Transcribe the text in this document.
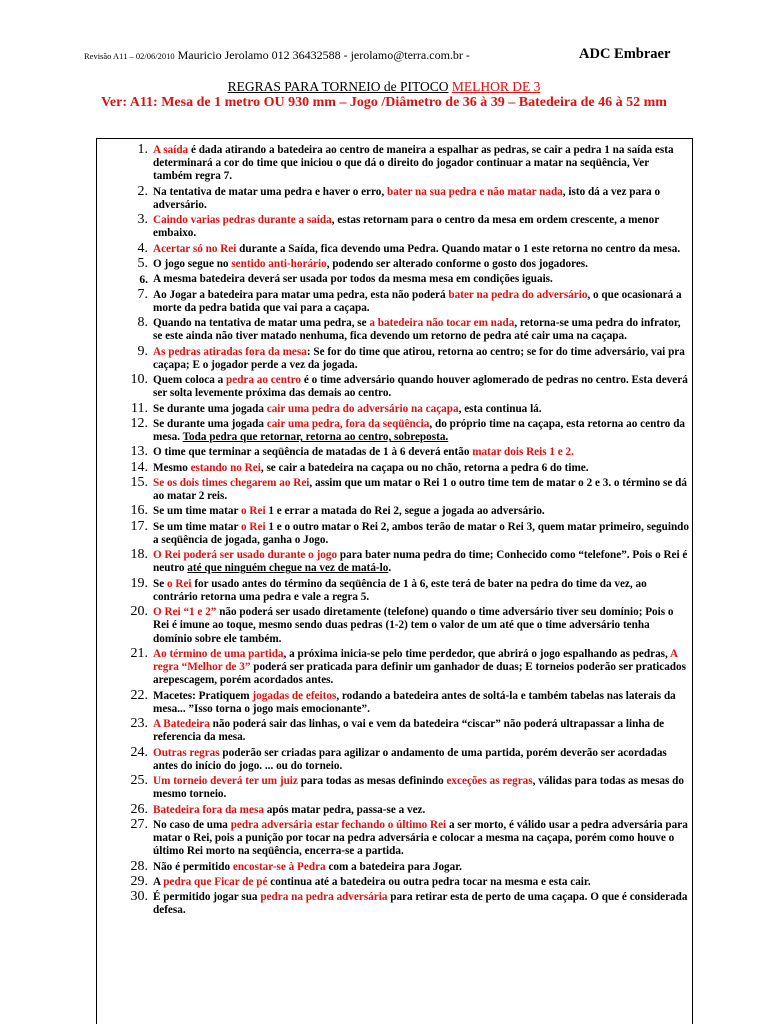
Revisão A11 – 02/06/2010 Mauricio Jerolamo 012 36432588 - jerolamo@terra.com.br -	ADC Embraer
REGRAS PARA TORNEIO de PITOCO MELHOR DE 3
Ver: A11: Mesa de 1 metro OU 930 mm – Jogo /Diâmetro de 36 à 39 – Batedeira de 46 à 52 mm
1. A saída é dada atirando a batedeira ao centro de maneira a espalhar as pedras, se cair a pedra 1 na saída esta determinará a cor do time que iniciou o que dá o direito do jogador continuar a matar na seqüência, Ver também regra 7.
2. Na tentativa de matar uma pedra e haver o erro, bater na sua pedra e não matar nada, isto dá a vez para o adversário.
3. Caindo varias pedras durante a saída, estas retornam para o centro da mesa em ordem crescente, a menor embaixo.
4. Acertar só no Rei durante a Saída, fica devendo uma Pedra. Quando matar o 1 este retorna no centro da mesa.
5. O jogo segue no sentido anti-horário, podendo ser alterado conforme o gosto dos jogadores.
6. A mesma batedeira deverá ser usada por todos da mesma mesa em condições iguais.
7. Ao Jogar a batedeira para matar uma pedra, esta não poderá bater na pedra do adversário, o que ocasionará a morte da pedra batida que vai para a caçapa.
8. Quando na tentativa de matar uma pedra, se a batedeira não tocar em nada, retorna-se uma pedra do infrator, se este ainda não tiver matado nenhuma, fica devendo um retorno de pedra até cair uma na caçapa.
9. As pedras atiradas fora da mesa: Se for do time que atirou, retorna ao centro; se for do time adversário, vai pra caçapa; E o jogador perde a vez da jogada.
10. Quem coloca a pedra ao centro é o time adversário quando houver aglomerado de pedras no centro. Esta deverá ser solta levemente próxima das demais ao centro.
11. Se durante uma jogada cair uma pedra do adversário na caçapa, esta continua lá.
12. Se durante uma jogada cair uma pedra, fora da seqüência, do próprio time na caçapa, esta retorna ao centro da mesa. Toda pedra que retornar, retorna ao centro, sobreposta.
13. O time que terminar a seqüência de matadas de 1 à 6 deverá então matar dois Reis 1 e 2.
14. Mesmo estando no Rei, se cair a batedeira na caçapa ou no chão, retorna a pedra 6 do time.
15. Se os dois times chegarem ao Rei, assim que um matar o Rei 1 o outro time tem de matar o 2 e 3. o término se dá ao matar 2 reis.
16. Se um time matar o Rei 1 e errar a matada do Rei 2, segue a jogada ao adversário.
17. Se um time matar o Rei 1 e o outro matar o Rei 2, ambos terão de matar o Rei 3, quem matar primeiro, seguindo a seqüência de jogada, ganha o Jogo.
18. O Rei poderá ser usado durante o jogo para bater numa pedra do time; Conhecido como “telefone”. Pois o Rei é neutro até que ninguém chegue na vez de matá-lo.
19. Se o Rei for usado antes do término da seqüência de 1 à 6, este terá de bater na pedra do time da vez, ao contrário retorna uma pedra e vale a regra 5.
20. O Rei “1 e 2” não poderá ser usado diretamente (telefone) quando o time adversário tiver seu domínio; Pois o Rei é imune ao toque, mesmo sendo duas pedras (1-2) tem o valor de um até que o time adversário tenha domínio sobre ele também.
21. Ao término de uma partida, a próxima inicia-se pelo time perdedor, que abrirá o jogo espalhando as pedras, A regra “Melhor de 3” poderá ser praticada para definir um ganhador de duas; E torneios poderão ser praticados arepescagem, porém acordados antes.
22. Macetes: Pratiquem jogadas de efeitos, rodando a batedeira antes de soltá-la e também tabelas nas laterais da mesa... ”Isso torna o jogo mais emocionante”.
23. A Batedeira não poderá sair das linhas, o vai e vem da batedeira “ciscar” não poderá ultrapassar a linha de referencia da mesa.
24. Outras regras poderão ser criadas para agilizar o andamento de uma partida, porém deverão ser acordadas antes do início do jogo. ... ou do torneio.
25. Um torneio deverá ter um juiz para todas as mesas definindo exceções as regras, válidas para todas as mesas do mesmo torneio.
26. Batedeira fora da mesa após matar pedra, passa-se a vez.
27. No caso de uma pedra adversária estar fechando o último Rei a ser morto, é válido usar a pedra adversária para matar o Rei, pois a punição por tocar na pedra adversária e colocar a mesma na caçapa, porém como houve o último Rei morto na seqüência, encerra-se a partida.
28. Não é permitido encostar-se à Pedra com a batedeira para Jogar.
29. A pedra que Ficar de pé continua até a batedeira ou outra pedra tocar na mesma e esta cair.
30. É permitido jogar sua pedra na pedra adversária para retirar esta de perto de uma caçapa. O que é considerada defesa.
